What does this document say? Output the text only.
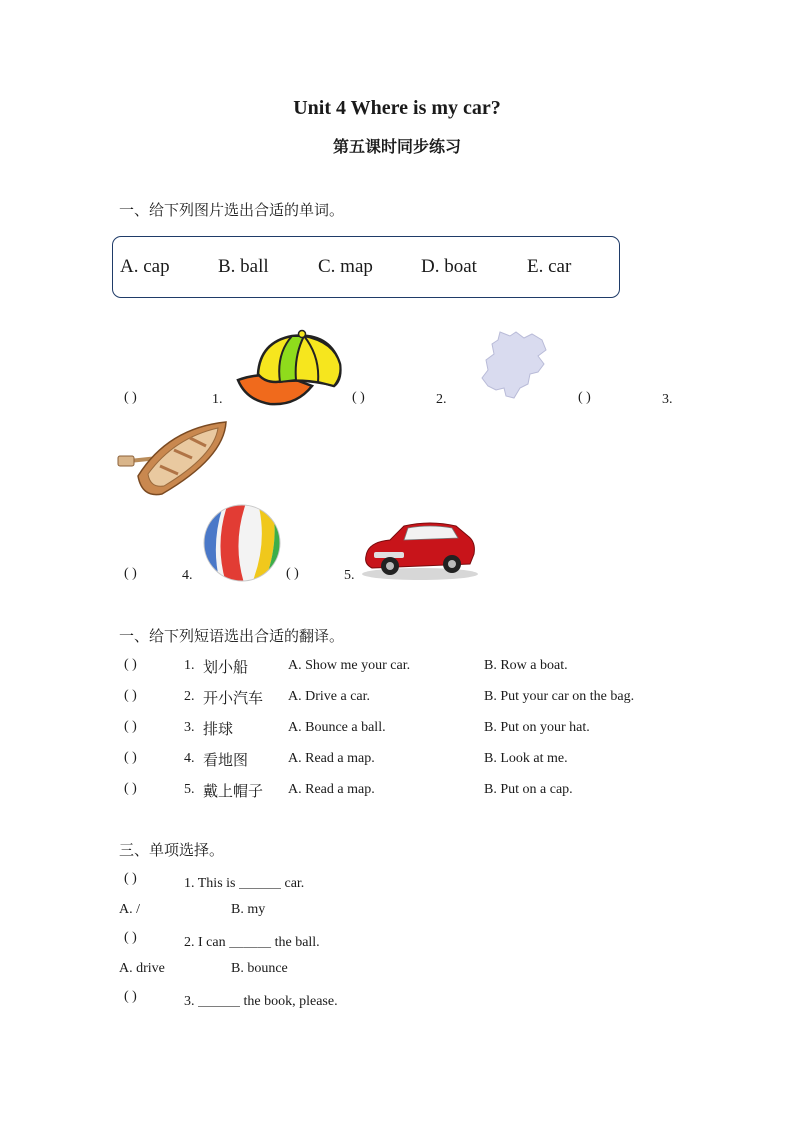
Unit 4 Where is my car?
第五课时同步练习
一、给下列图片选出合适的单词。
A. cap	B. ball	C. map	D. boat	E. car
( )	1.	( )	2.	( )	3.
( )	4.	( )	5.
一、给下列短语选出合适的翻译。
( )	1. 划小船	A. Show me your car.	B. Row a boat.
( )	2. 开小汽车 A. Drive a car.	B. Put your car on the bag.
( )	3. 排球	A. Bounce a ball.	B. Put on your hat.
( )	4. 看地图	A. Read a map.	B. Look at me.
( )	5. 戴上帽子 A. Read a map.	B. Put on a cap.
三、单项选择。
( )	1. This is ＿＿＿ car.
A. /	B. my
( )	2. I can ＿＿＿ the ball.
A. drive	B. bounce
( )	3. ＿＿＿ the book, please.
